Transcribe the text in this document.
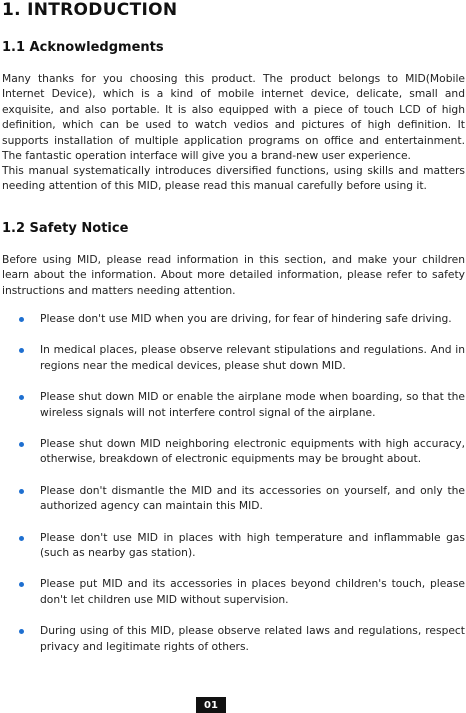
1. INTRODUCTION
1.1 Acknowledgments

Many thanks for you choosing this product. The product belongs to MID(Mobile Internet Device), which is a kind of mobile internet device, delicate, small and exquisite, and also portable. It is also equipped with a piece of touch LCD of high definition, which can be used to watch vedios and pictures of high definition. It supports installation of multiple application programs on office and entertainment. The fantastic operation interface will give you a brand-new user experience.

This manual systematically introduces diversified functions, using skills and matters needing attention of this MID, please read this manual carefully before using it.

1.2 Safety Notice

Before using MID, please read information in this section, and make your children learn about the information. About more detailed information, please refer to safety instructions and matters needing attention.

Please don't use MID when you are driving, for fear of hindering safe driving.
In medical places, please observe relevant stipulations and regulations. And in regions near the medical devices, please shut down MID.
Please shut down MID or enable the airplane mode when boarding, so that the wireless signals will not interfere control signal of the airplane.
Please shut down MID neighboring electronic equipments with high accuracy, otherwise, breakdown of electronic equipments may be brought about.
Please don't dismantle the MID and its accessories on yourself, and only the authorized agency can maintain this MID.
Please don't use MID in places with high temperature and inflammable gas (such as nearby gas station).
Please put MID and its accessories in places beyond children's touch, please don't let children use MID without supervision.
During using of this MID, please observe related laws and regulations, respect privacy and legitimate rights of others.
01
